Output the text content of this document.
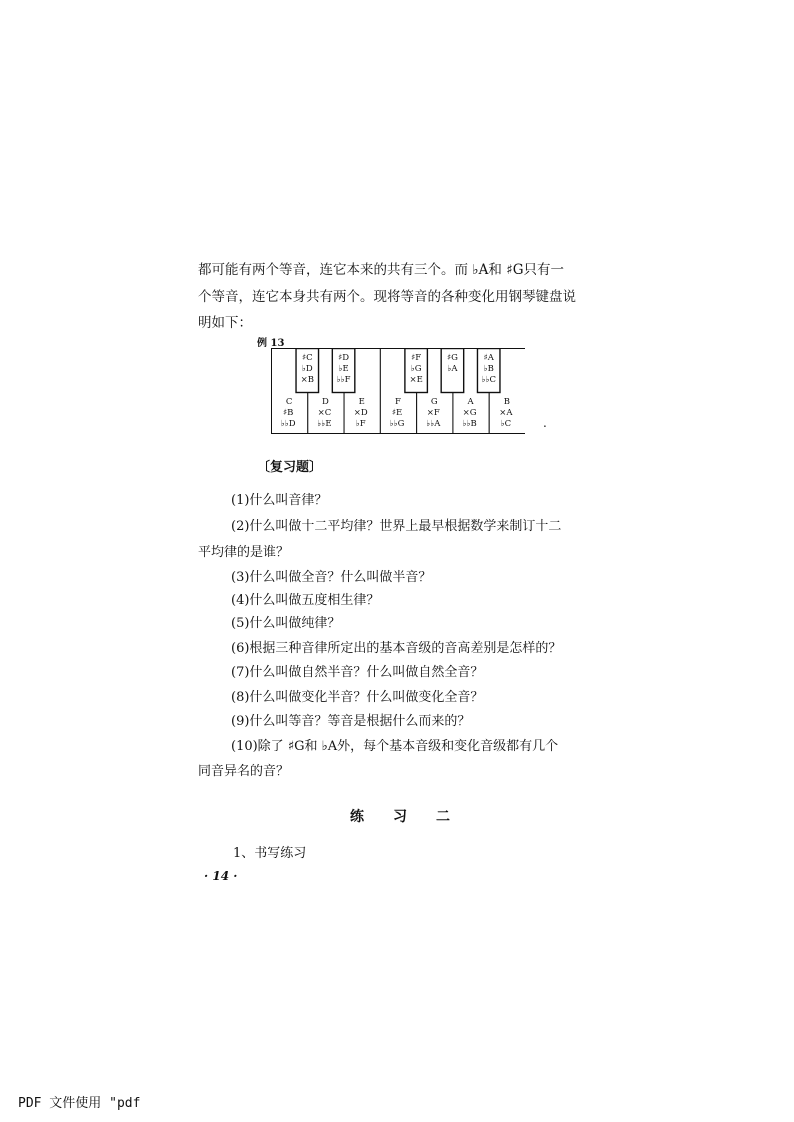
都可能有两个等音，连它本来的共有三个。而 ♭A和 ♯G只有一
个等音，连它本身共有两个。现将等音的各种变化用钢琴键盘说
明如下：
例 13
C
♯B
♭♭D
D
×C
♭♭E
E
×D
♭F
F
♯E
♭♭G
G
×F
♭♭A
A
×G
♭♭B
B
×A
♭C
♯C
♭D
×B
♯D
♭E
♭♭F
♯F
♭G
×E
♯G
♭A
♯A
♭B
♭♭C
.
〔复习题〕
(1)什么叫音律？
(2)什么叫做十二平均律？世界上最早根据数学来制订十二
平均律的是谁？
(3)什么叫做全音？什么叫做半音？
(4)什么叫做五度相生律？
(5)什么叫做纯律？
(6)根据三种音律所定出的基本音级的音高差别是怎样的？
(7)什么叫做自然半音？什么叫做自然全音？
(8)什么叫做变化半音？什么叫做变化全音？
(9)什么叫等音？等音是根据什么而来的？
(10)除了 ♯G和 ♭A外，每个基本音级和变化音级都有几个
同音异名的音？
练 习 二
1、书写练习
· 14 ·
PDF 文件使用 "pdf
